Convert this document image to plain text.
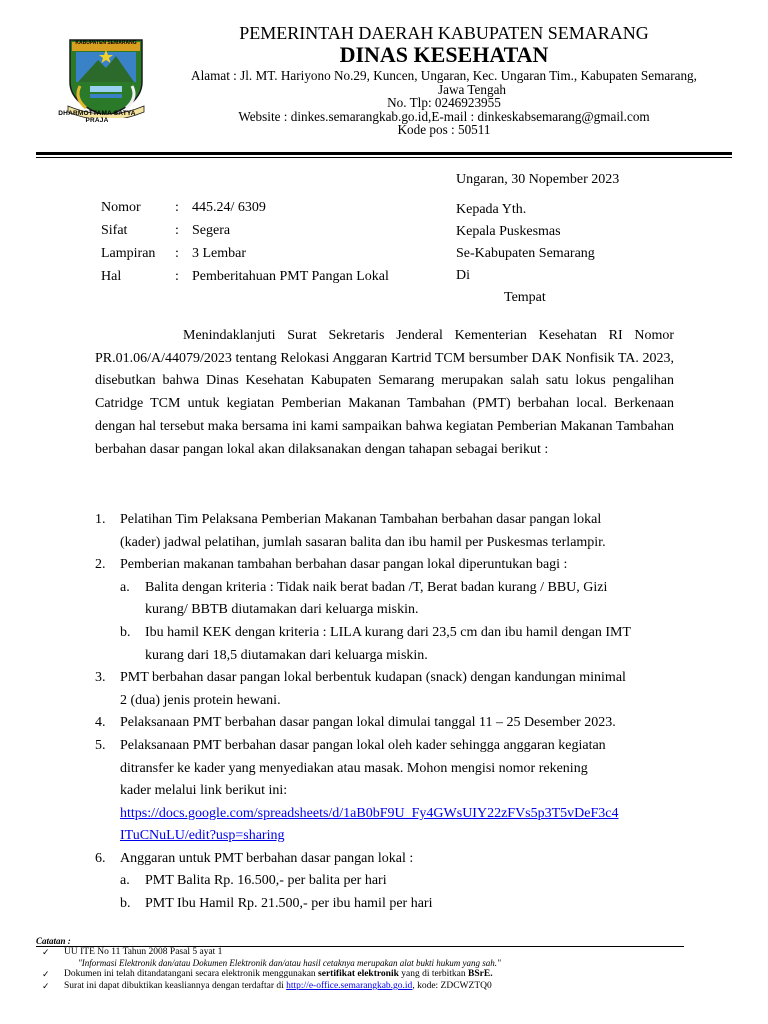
KABUPATEN SEMARANG
DHARMOTTAMA SATYA PRAJA
PEMERINTAH DAERAH KABUPATEN SEMARANG
DINAS KESEHATAN
Alamat : Jl. MT. Hariyono No.29, Kuncen, Ungaran, Kec. Ungaran Tim., Kabupaten Semarang,
Jawa Tengah
No. Tlp: 0246923955
Website : dinkes.semarangkab.go.id,E-mail : dinkeskabsemarang@gmail.com
Kode pos : 50511
Ungaran, 30 Nopember 2023
Nomor : 445.24/ 6309
Sifat	: Segera
Lampiran : 3 Lembar
Hal	: Pemberitahuan PMT Pangan Lokal
Kepada Yth.
Kepala Puskesmas
Se-Kabupaten Semarang
Di
Tempat
Menindaklanjuti Surat Sekretaris Jenderal Kementerian Kesehatan RI Nomor PR.01.06/A/44079/2023 tentang Relokasi Anggaran Kartrid TCM bersumber DAK Nonfisik TA. 2023, disebutkan bahwa Dinas Kesehatan Kabupaten Semarang merupakan salah satu lokus pengalihan Catridge TCM untuk kegiatan Pemberian Makanan Tambahan (PMT) berbahan local. Berkenaan dengan hal tersebut maka bersama ini kami sampaikan bahwa kegiatan Pemberian Makanan Tambahan berbahan dasar pangan lokal akan dilaksanakan dengan tahapan sebagai berikut :
1. Pelatihan Tim Pelaksana Pemberian Makanan Tambahan berbahan dasar pangan lokal
(kader) jadwal pelatihan, jumlah sasaran balita dan ibu hamil per Puskesmas terlampir.
2. Pemberian makanan tambahan berbahan dasar pangan lokal diperuntukan bagi :
a. Balita dengan kriteria : Tidak naik berat badan /T, Berat badan kurang / BBU, Gizi
kurang/ BBTB diutamakan dari keluarga miskin.
b. Ibu hamil KEK dengan kriteria : LILA kurang dari 23,5 cm dan ibu hamil dengan IMT
kurang dari 18,5 diutamakan dari keluarga miskin.
3. PMT berbahan dasar pangan lokal berbentuk kudapan (snack) dengan kandungan minimal
2 (dua) jenis protein hewani.
4. Pelaksanaan PMT berbahan dasar pangan lokal dimulai tanggal 11 – 25 Desember 2023.
5. Pelaksanaan PMT berbahan dasar pangan lokal oleh kader sehingga anggaran kegiatan
ditransfer ke kader yang menyediakan atau masak. Mohon mengisi nomor rekening
kader melalui link berikut ini:
https://docs.google.com/spreadsheets/d/1aB0bF9U_Fy4GWsUIY22zFVs5p3T5vDeF3c4
ITuCNuLU/edit?usp=sharing
6. Anggaran untuk PMT berbahan dasar pangan lokal :
a. PMT Balita Rp. 16.500,- per balita per hari
b. PMT Ibu Hamil Rp. 21.500,- per ibu hamil per hari
Catatan :
✓ UU ITE No 11 Tahun 2008 Pasal 5 ayat 1
"Informasi Elektronik dan/atau Dokumen Elektronik dan/atau hasil cetaknya merupakan alat bukti hukum yang sah."
✓ Dokumen ini telah ditandatangani secara elektronik menggunakan sertifikat elektronik yang di terbitkan BSrE.
✓ Surat ini dapat dibuktikan keasliannya dengan terdaftar di http://e-office.semarangkab.go.id, kode: ZDCWZTQ0
